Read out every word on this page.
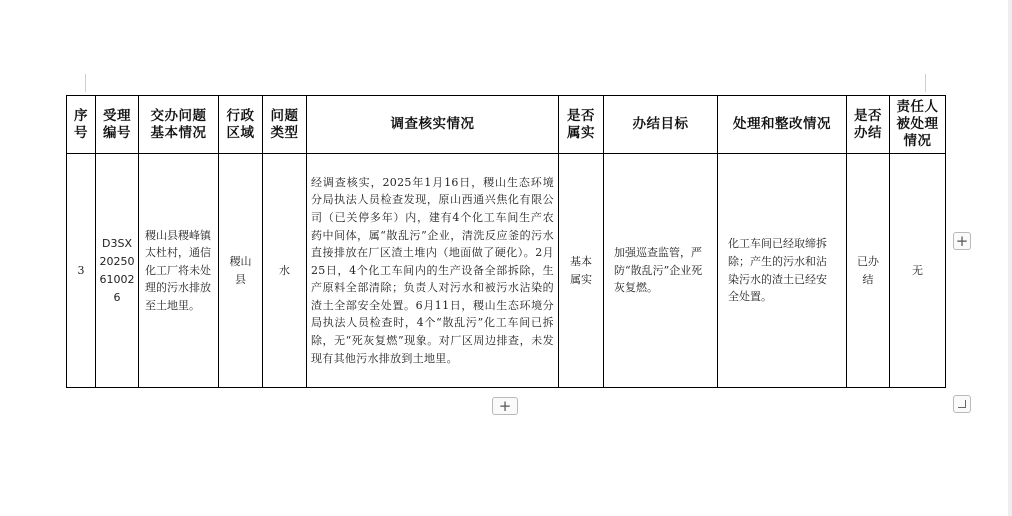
序号	受理编号	交办问题基本情况	行政区域	问题类型	调查核实情况	是否属实	办结目标	处理和整改情况	是否办结	责任人被处理情况

3	D3SX20250610026	稷山县稷峰镇太杜村，通信化工厂将未处理的污水排放至土地里。	稷山县	水	经调查核实，2025年1月16日，稷山生态环境分局执法人员检查发现，原山西通兴焦化有限公司（已关停多年）内，建有4个化工车间生产农药中间体，属“散乱污”企业，清洗反应釜的污水直接排放在厂区渣土堆内（地面做了硬化）。2月25日，4个化工车间内的生产设备全部拆除，生产原料全部清除；负责人对污水和被污水沾染的渣土全部安全处置。6月11日，稷山生态环境分局执法人员检查时，4个“散乱污”化工车间已拆除，无“死灰复燃”现象。对厂区周边排查，未发现有其他污水排放到土地里。	基本属实	加强巡查监管，严防“散乱污”企业死灰复燃。	化工车间已经取缔拆除；产生的污水和沾染污水的渣土已经安全处置。	已办结	无
+
+
